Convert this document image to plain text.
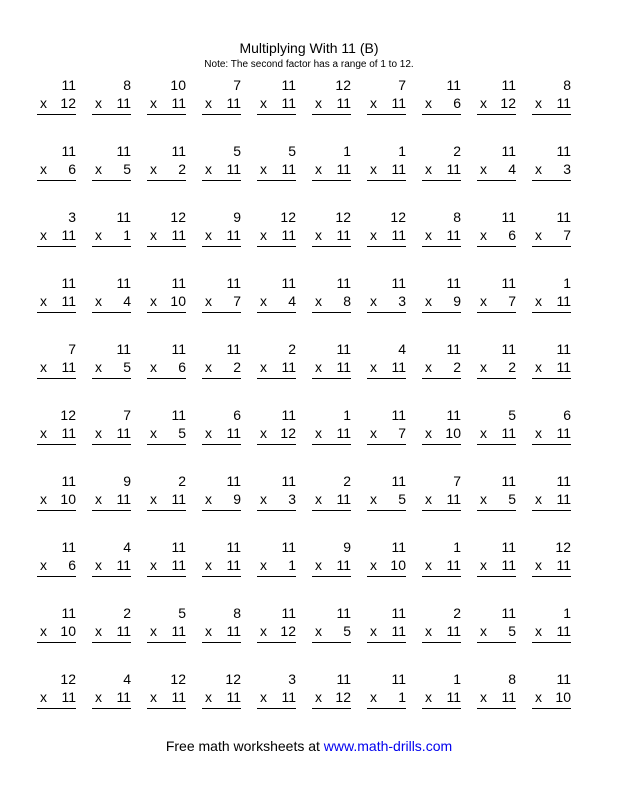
Multiplying With 11 (B)
Note: The second factor has a range of 1 to 12.
11
x 12
8
x 11
10
x 11
7
x 11
11
x 11
12
x 11
7
x 11
11
x 6
11
x 12
8
x 11
11
x 6
11
x 5
11
x 2
5
x 11
5
x 11
1
x 11
1
x 11
2
x 11
11
x 4
11
x 3
3
x 11
11
x 1
12
x 11
9
x 11
12
x 11
12
x 11
12
x 11
8
x 11
11
x 6
11
x 7
11
x 11
11
x 4
11
x 10
11
x 7
11
x 4
11
x 8
11
x 3
11
x 9
11
x 7
1
x 11
7
x 11
11
x 5
11
x 6
11
x 2
2
x 11
11
x 11
4
x 11
11
x 2
11
x 2
11
x 11
12
x 11
7
x 11
11
x 5
6
x 11
11
x 12
1
x 11
11
x 7
11
x 10
5
x 11
6
x 11
11
x 10
9
x 11
2
x 11
11
x 9
11
x 3
2
x 11
11
x 5
7
x 11
11
x 5
11
x 11
11
x 6
4
x 11
11
x 11
11
x 11
11
x 1
9
x 11
11
x 10
1
x 11
11
x 11
12
x 11
11
x 10
2
x 11
5
x 11
8
x 11
11
x 12
11
x 5
11
x 11
2
x 11
11
x 5
1
x 11
12
x 11
4
x 11
12
x 11
12
x 11
3
x 11
11
x 12
11
x 1
1
x 11
8
x 11
11
x 10
Free math worksheets at www.math-drills.com
